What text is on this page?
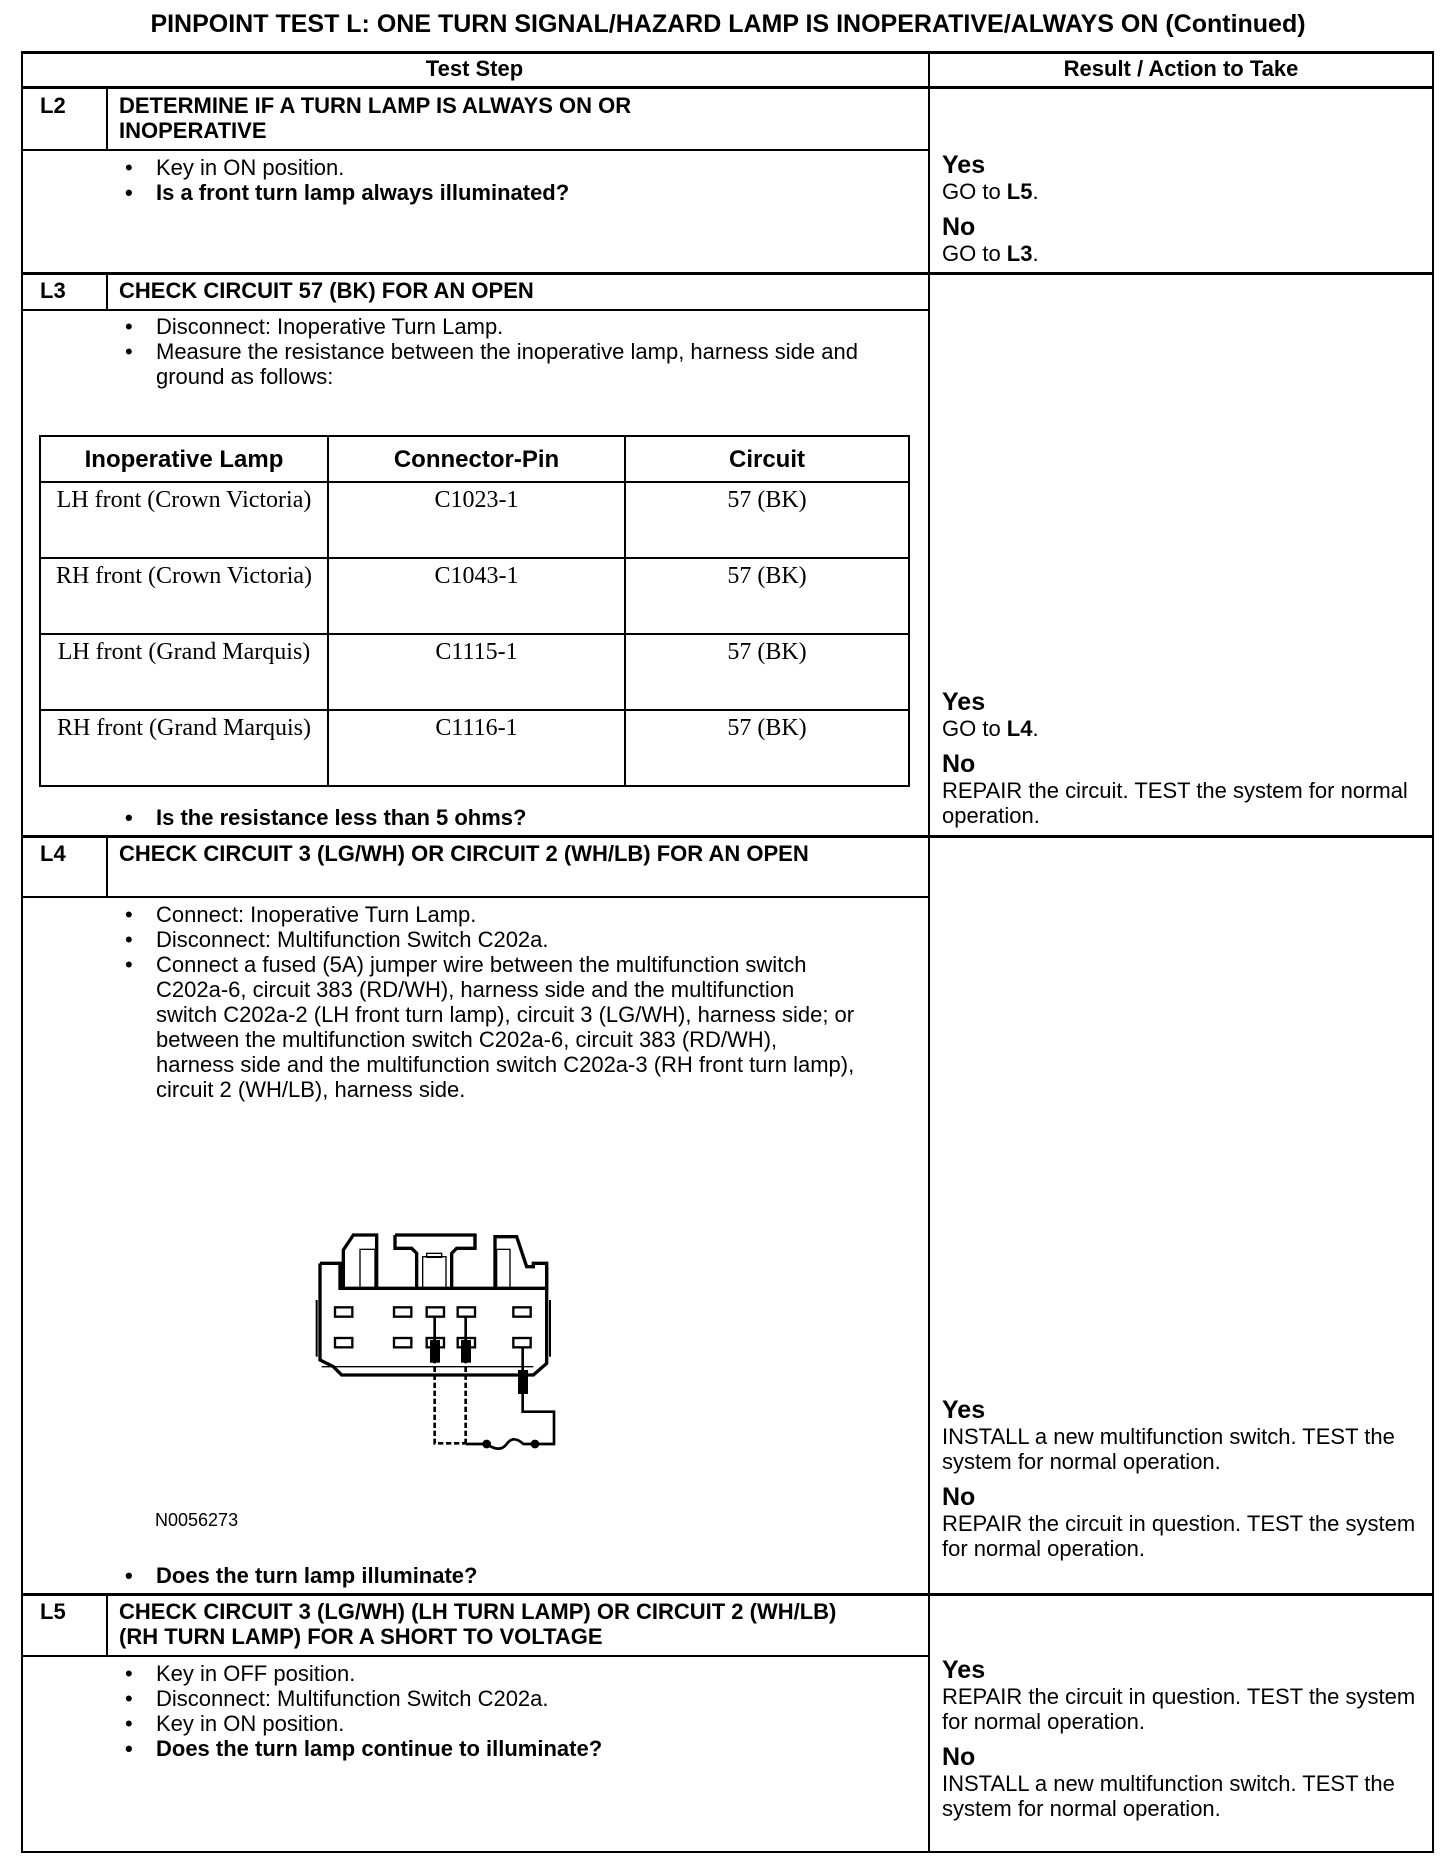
PINPOINT TEST L: ONE TURN SIGNAL/HAZARD LAMP IS INOPERATIVE/ALWAYS ON (Continued)
Test Step	Result / Action to Take
L2 DETERMINE IF A TURN LAMP IS ALWAYS ON OR INOPERATIVE
•	Key in ON position.
•	Is a front turn lamp always illuminated?
Yes
GO to L5.
No
GO to L3.
L3 CHECK CIRCUIT 57 (BK) FOR AN OPEN
•	Disconnect: Inoperative Turn Lamp.
•	Measure the resistance between the inoperative lamp, harness side and ground as follows:
Inoperative Lamp	Connector-Pin	Circuit
LH front (Crown Victoria)	C1023-1	57 (BK)
RH front (Crown Victoria)	C1043-1	57 (BK)
LH front (Grand Marquis)	C1115-1	57 (BK)
RH front (Grand Marquis)	C1116-1	57 (BK)
•	Is the resistance less than 5 ohms?
Yes
GO to L4.
No
REPAIR the circuit. TEST the system for normal operation.
L4 CHECK CIRCUIT 3 (LG/WH) OR CIRCUIT 2 (WH/LB) FOR AN OPEN
•	Connect: Inoperative Turn Lamp.
•	Disconnect: Multifunction Switch C202a.
•	Connect a fused (5A) jumper wire between the multifunction switch C202a-6, circuit 383 (RD/WH), harness side and the multifunction switch C202a-2 (LH front turn lamp), circuit 3 (LG/WH), harness side; or between the multifunction switch C202a-6, circuit 383 (RD/WH), harness side and the multifunction switch C202a-3 (RH front turn lamp), circuit 2 (WH/LB), harness side.
N0056273
•	Does the turn lamp illuminate?
Yes
INSTALL a new multifunction switch. TEST the system for normal operation.
No
REPAIR the circuit in question. TEST the system for normal operation.
L5 CHECK CIRCUIT 3 (LG/WH) (LH TURN LAMP) OR CIRCUIT 2 (WH/LB) (RH TURN LAMP) FOR A SHORT TO VOLTAGE
•	Key in OFF position.
•	Disconnect: Multifunction Switch C202a.
•	Key in ON position.
•	Does the turn lamp continue to illuminate?
Yes
REPAIR the circuit in question. TEST the system for normal operation.
No
INSTALL a new multifunction switch. TEST the system for normal operation.
